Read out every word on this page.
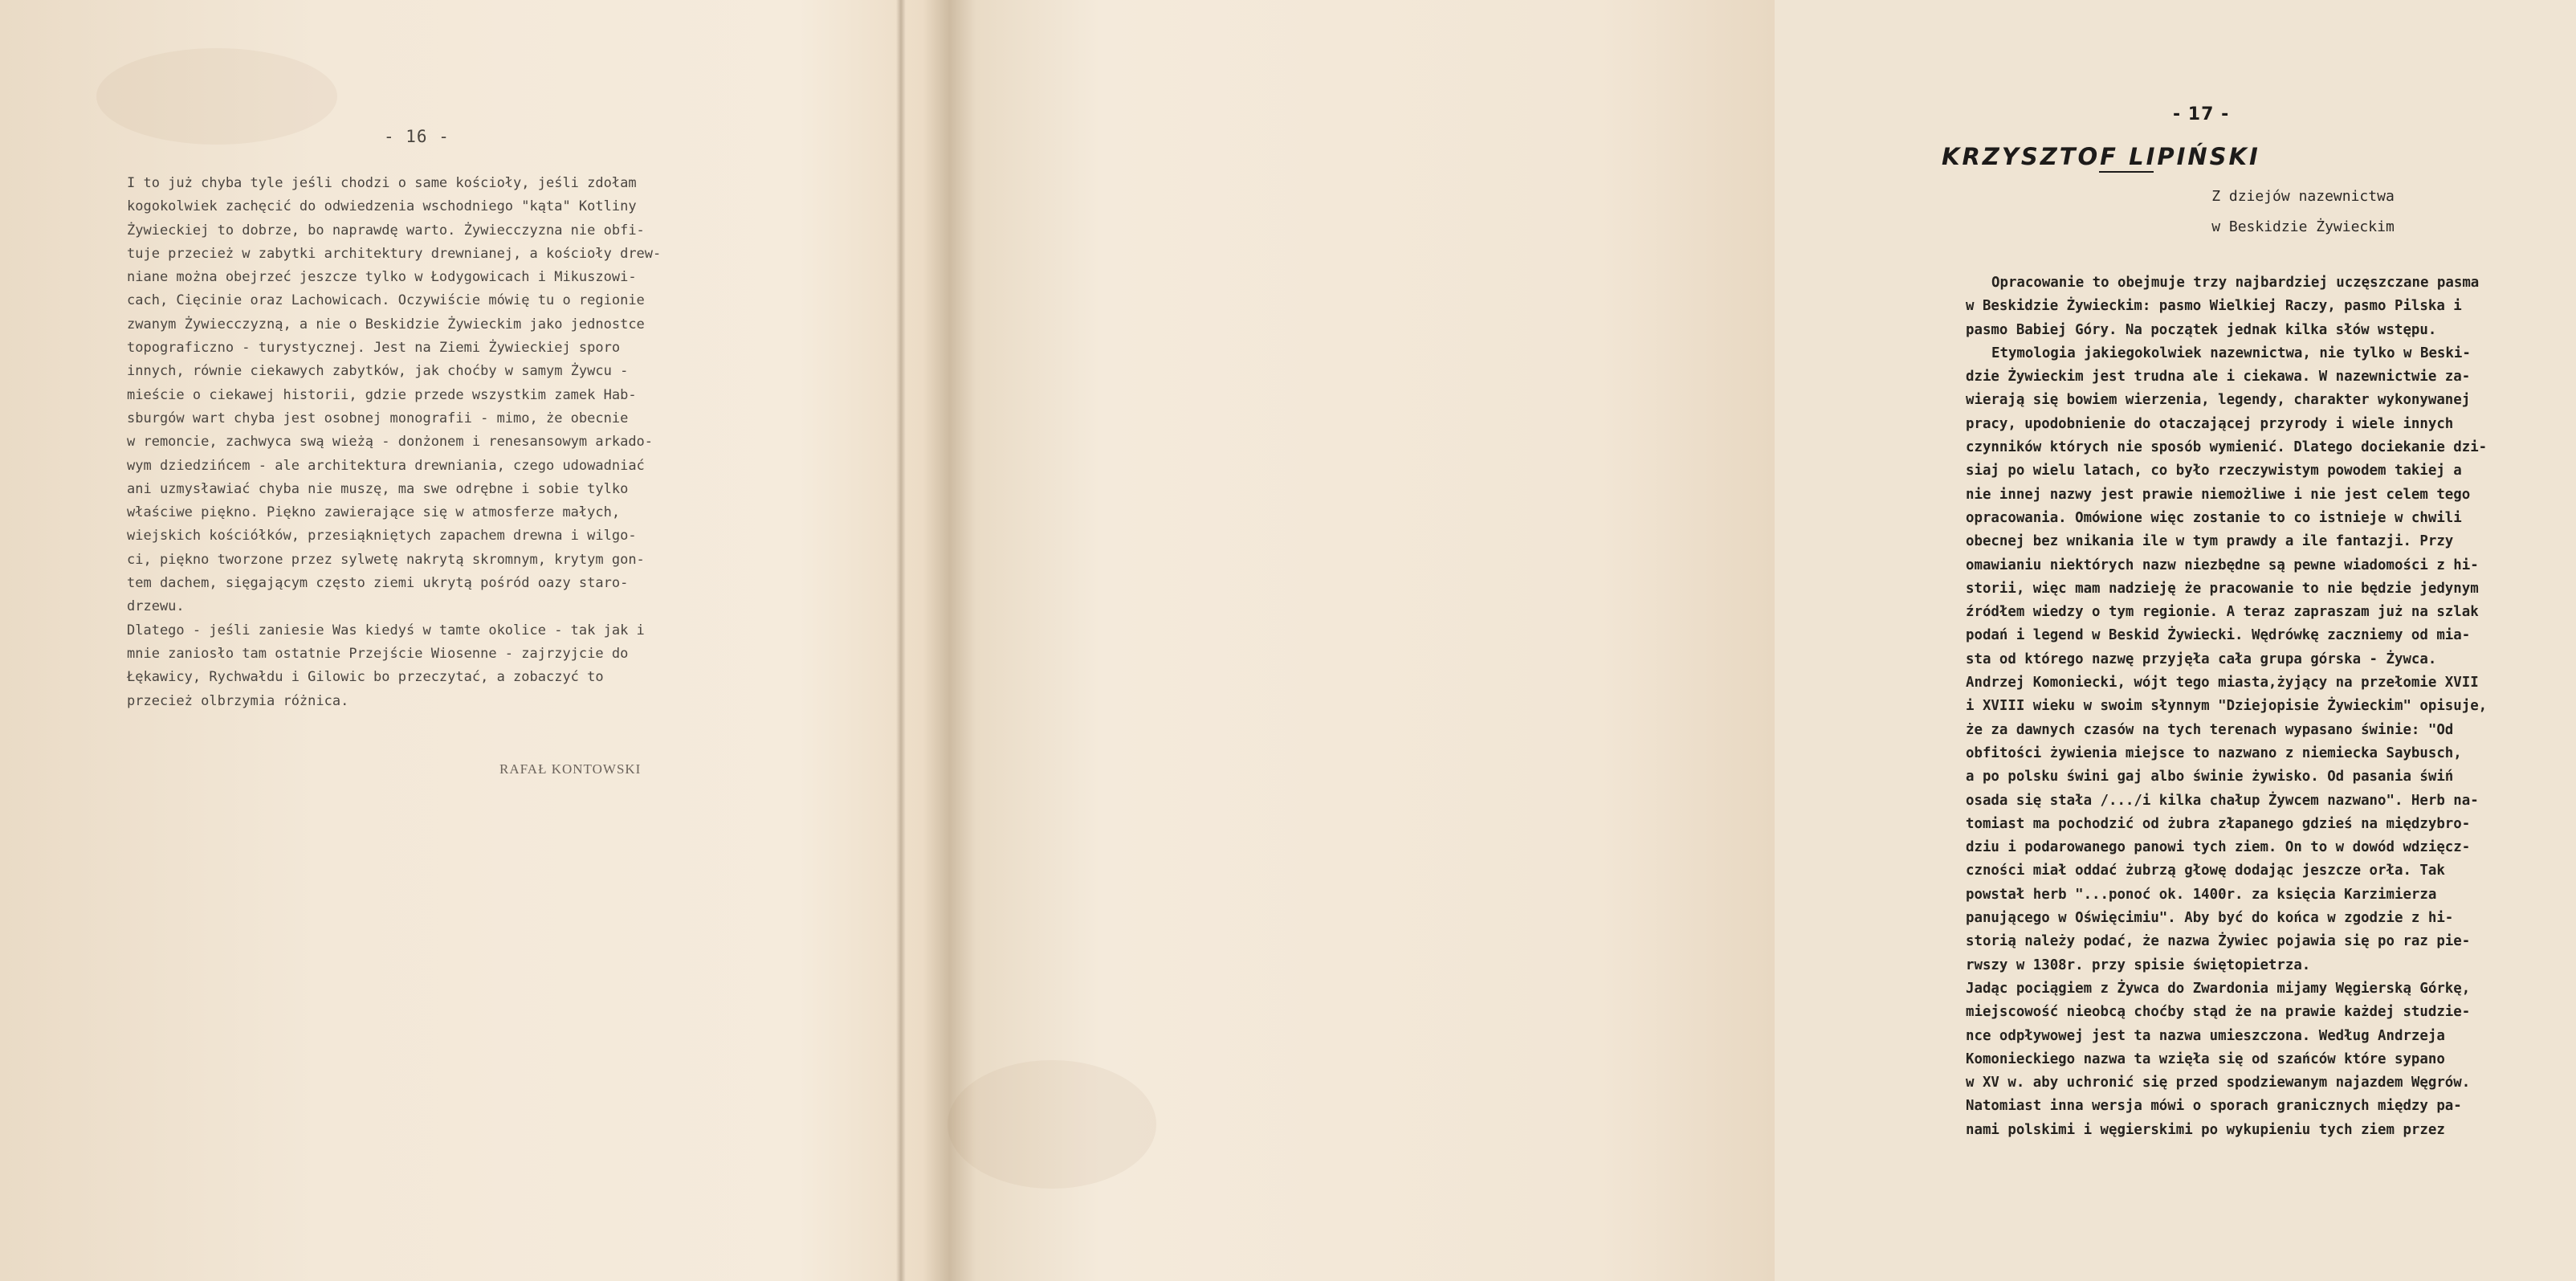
- 16 -
I to już chyba tyle jeśli chodzi o same kościoły, jeśli zdołam
kogokolwiek zachęcić do odwiedzenia wschodniego "kąta" Kotliny
Żywieckiej to dobrze, bo naprawdę warto. Żywiecczyzna nie obfi-
tuje przecież w zabytki architektury drewnianej, a kościoły drew-
niane można obejrzeć jeszcze tylko w Łodygowicach i Mikuszowi-
cach, Cięcinie oraz Lachowicach. Oczywiście mówię tu o regionie
zwanym Żywiecczyzną, a nie o Beskidzie Żywieckim jako jednostce
topograficzno - turystycznej. Jest na Ziemi Żywieckiej sporo
innych, równie ciekawych zabytków, jak choćby w samym Żywcu -
mieście o ciekawej historii, gdzie przede wszystkim zamek Hab-
sburgów wart chyba jest osobnej monografii - mimo, że obecnie
w remoncie, zachwyca swą wieżą - donżonem i renesansowym arkado-
wym dziedzińcem - ale architektura drewniania, czego udowadniać
ani uzmysławiać chyba nie muszę, ma swe odrębne i sobie tylko
właściwe piękno. Piękno zawierające się w atmosferze małych,
wiejskich kościółków, przesiąkniętych zapachem drewna i wilgo-
ci, piękno tworzone przez sylwetę nakrytą skromnym, krytym gon-
tem dachem, sięgającym często ziemi ukrytą pośród oazy staro-
drzewu.
Dlatego - jeśli zaniesie Was kiedyś w tamte okolice - tak jak i
mnie zaniosło tam ostatnie Przejście Wiosenne - zajrzyjcie do
Łękawicy, Rychwałdu i Gilowic bo przeczytać, a zobaczyć to
przecież olbrzymia różnica.
RAFAŁ KONTOWSKI
- 17 -
KRZYSZTOF LIPIŃSKI
Z dziejów nazewnictwa
w Beskidzie Żywieckim
Opracowanie to obejmuje trzy najbardziej uczęszczane pasma
w Beskidzie Żywieckim: pasmo Wielkiej Raczy, pasmo Pilska i
pasmo Babiej Góry. Na początek jednak kilka słów wstępu.
Etymologia jakiegokolwiek nazewnictwa, nie tylko w Beski-
dzie Żywieckim jest trudna ale i ciekawa. W nazewnictwie za-
wierają się bowiem wierzenia, legendy, charakter wykonywanej
pracy, upodobnienie do otaczającej przyrody i wiele innych
czynników których nie sposób wymienić. Dlatego dociekanie dzi-
siaj po wielu latach, co było rzeczywistym powodem takiej a
nie innej nazwy jest prawie niemożliwe i nie jest celem tego
opracowania. Omówione więc zostanie to co istnieje w chwili
obecnej bez wnikania ile w tym prawdy a ile fantazji. Przy
omawianiu niektórych nazw niezbędne są pewne wiadomości z hi-
storii, więc mam nadzieję że pracowanie to nie będzie jedynym
źródłem wiedzy o tym regionie. A teraz zapraszam już na szlak
podań i legend w Beskid Żywiecki. Wędrówkę zaczniemy od mia-
sta od którego nazwę przyjęła cała grupa górska - Żywca.
Andrzej Komoniecki, wójt tego miasta,żyjący na przełomie XVII
i XVIII wieku w swoim słynnym "Dziejopisie Żywieckim" opisuje,
że za dawnych czasów na tych terenach wypasano świnie: "Od
obfitości żywienia miejsce to nazwano z niemiecka Saybusch,
a po polsku świni gaj albo świnie żywisko. Od pasania świń
osada się stała /.../i kilka chałup Żywcem nazwano". Herb na-
tomiast ma pochodzić od żubra złapanego gdzieś na międzybro-
dziu i podarowanego panowi tych ziem. On to w dowód wdzięcz-
czności miał oddać żubrzą głowę dodając jeszcze orła. Tak
powstał herb "...ponoć ok. 1400r. za księcia Karzimierza
panującego w Oświęcimiu". Aby być do końca w zgodzie z hi-
storią należy podać, że nazwa Żywiec pojawia się po raz pie-
rwszy w 1308r. przy spisie świętopietrza.
Jadąc pociągiem z Żywca do Zwardonia mijamy Węgierską Górkę,
miejscowość nieobcą choćby stąd że na prawie każdej studzie-
nce odpływowej jest ta nazwa umieszczona. Według Andrzeja
Komonieckiego nazwa ta wzięła się od szańców które sypano
w XV w. aby uchronić się przed spodziewanym najazdem Węgrów.
Natomiast inna wersja mówi o sporach granicznych między pa-
nami polskimi i węgierskimi po wykupieniu tych ziem przez
